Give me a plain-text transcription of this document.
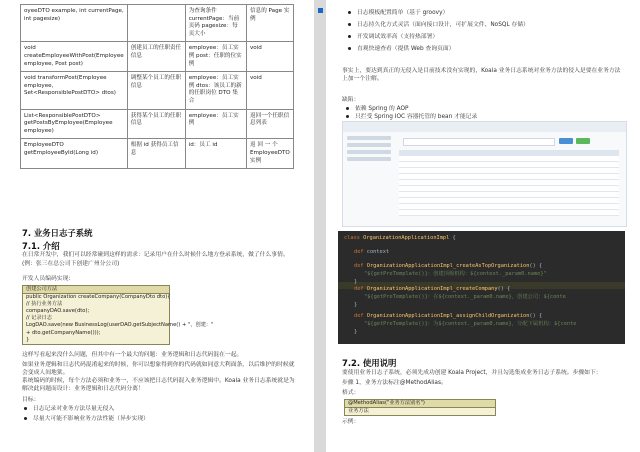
oyeeDTO example, int currentPage, int pagesize)		为查询条件currentPage：当前页码 pagesize：每页大小	信息的 Page 实例
void createEmployeeWithPost(Employee employee, Post post)	创建员工的任职责任信息	employee：员工实例 post：任职的位实例	void
void transformPost(Employee employee, Set<ResponsiblePostDTO> dtos)	调整某个员工的任职信息	employee：员工实例 dtos：该员工的新的任职岗位 DTO 集合	void
List<ResponsiblePostDTO> getPostsByEmployee(Employee employee)	获得某个员工的任职信息	employee：员工实例	返回一个任职信息列表
EmployeeDTO getEmployeeById(Long id)	根据 id 获得员工信息	id：员工 id	返 回 一 个 EmployeeDTO 实例
7. 业务日志子系统
7.1. 介绍
在日常开发中，我们可以经常碰到这样的需求：记录用户在什么时候什么地方登录系统，做了什么事情。
(例：张三在总公司下创建广州分公司)
开发人员编码实现：
创建公司方法
public Organization createCompany(CompanyDto dto){
// 执行业务方法
companyDAO.save(dto);
// 记录日志
LogDAO.save(new BusinessLog(userDAO.getSubjectName() + "，创建："
+ dto.getCompanyName()));
}
这样写看起来没什么问题，但其中有一个最大的问题：业务逻辑和日志代码混在一起。
如果业务逻辑和日志代码混淆起来的时候，你可以想象得到你的代码就如同意大利面条，以后维护的时候就会变成人间地狱。
系统编码的时候，每个方法必须和业务一，不应该把日志代码混入业务逻辑中。Koala 业务日志系统就是为解决此问题而设计：业务逻辑和日志代码分离！
目标：
日志记录对业务方法尽量无侵入
尽量大可能不影响业务方法性能（异步实现）
日志模板配置简单（基于 groovy）
日志持久化方式灵活（面向接口设计，可扩展文件、NoSQL 存储）
开发调试效率高（支持热部署）
直观快速查看（提供 Web 查询页面）
事实上，要达到真正的无侵入是目前技术没有实现的，Koala 业务日志系统对业务方法的侵入是要在业务方法上加一个注解。
缺陷：
依赖 Spring 的 AOP
只拦受 Spring IOC 容器托管的 bean 才能记录
class OrganizationApplicationImpl {
def context
def OrganizationApplicationImpl_createAsTopOrganization() {
"${getPreTemplate()}：创建顶级机构：${context._param0.name}"
}
def OrganizationApplicationImpl_createCompany() {
"${getPreTemplate()}：在${context._param0.name}，创建公司：${conte
}
def OrganizationApplicationImpl_assignChildOrganization() {
"${getPreTemplate()}：为${context._param0.name}，分配下属机构：${conte
}
7.2. 使用说明
要使用业务日志子系统，必须先成功创建 Koala Project，并且勾选集成业务日志子系统。步骤如下：
步骤 1，业务方法标注@MethodAlias。
格式：
@MethodAlias("业务方法别名")
业务方法
示例：
